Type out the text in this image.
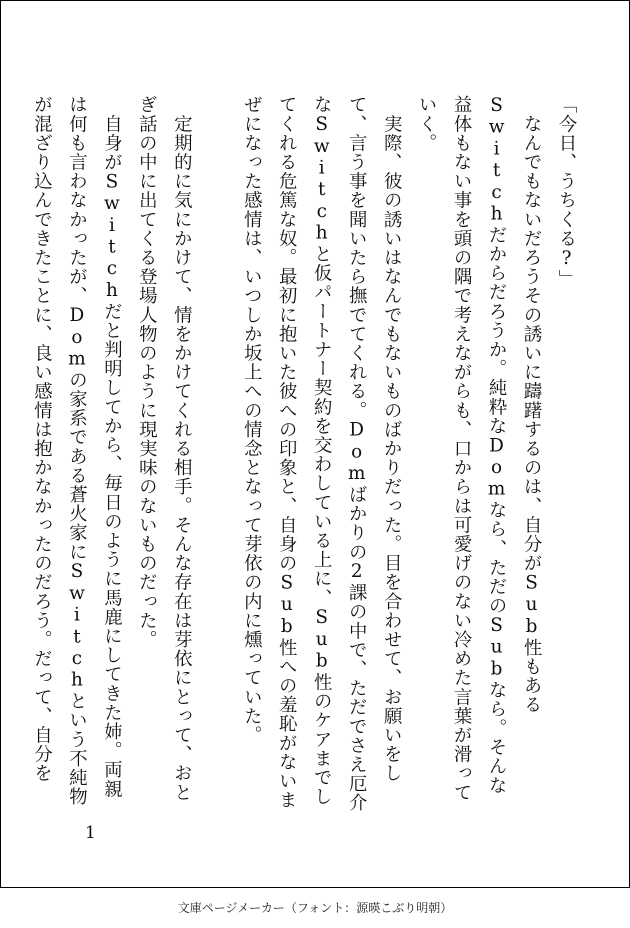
「今日、うちくる?」

　なんでもないだろうその誘いに躊躇するのは、自分がSub性もあるSwitchだからだろうか。純粋なDomなら、ただのSubなら。そんな益体もない事を頭の隅で考えながらも、口からは可愛げのない冷めた言葉が滑っていく。

　実際、彼の誘いはなんでもないものばかりだった。目を合わせて、お願いをして、言う事を聞いたら撫でてくれる。Domばかりの2課の中で、ただでさえ厄介なSwitchと仮パートナー契約を交わしている上に、Sub性のケアまでしてくれる危篤な奴。最初に抱いた彼への印象と、自身のSub性への羞恥がないまぜになった感情は、いつしか坂上への情念となって芽依の内に燻っていた。

　定期的に気にかけて、情をかけてくれる相手。そんな存在は芽依にとって、おとぎ話の中に出てくる登場人物のように現実味のないものだった。

　自身がSwitchだと判明してから、毎日のように馬鹿にしてきた姉。両親は何も言わなかったが、Domの家系である蒼火家にSwitchという不純物が混ざり込んできたことに、良い感情は抱かなかったのだろう。だって、自分を

1
文庫ページメーカー（フォント：源暎こぶり明朝）
